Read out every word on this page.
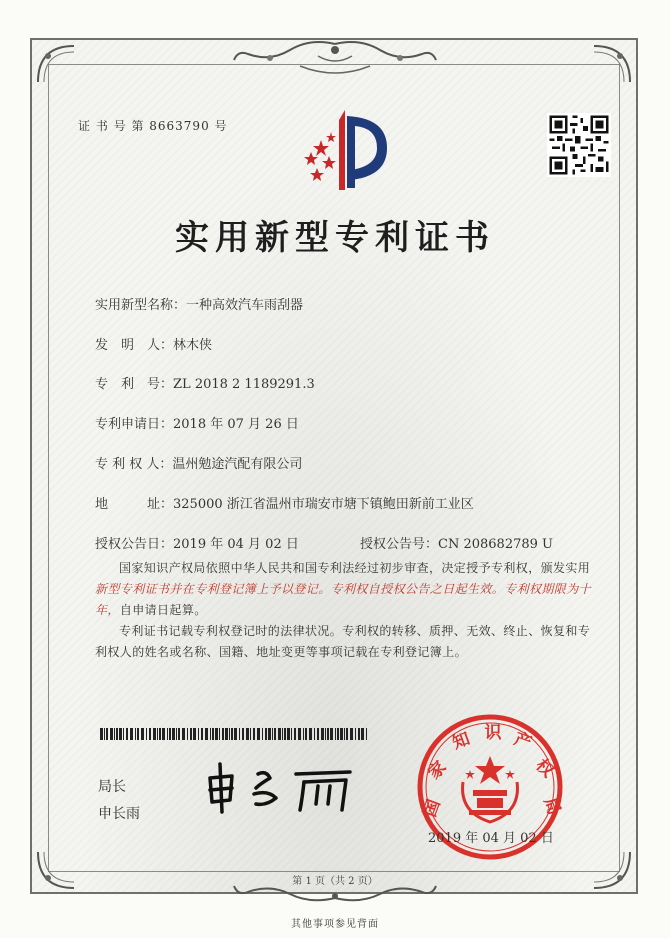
证 书 号 第 8663790 号
实用新型专利证书
实用新型名称：一种高效汽车雨刮器
发　明　人：林木侠
专　利　号：ZL 2018 2 1189291.3
专利申请日：2018 年 07 月 26 日
专 利 权 人：温州勉途汽配有限公司
地　　　址：325000 浙江省温州市瑞安市塘下镇鲍田新前工业区
授权公告日：2019 年 04 月 02 日	授权公告号：CN 208682789 U
国家知识产权局依照中华人民共和国专利法经过初步审查，决定授予专利权，颁发实用
新型专利证书并在专利登记簿上予以登记。专利权自授权公告之日起生效。专利权期限为十
年，自申请日起算。
专利证书记载专利权登记时的法律状况。专利权的转移、质押、无效、终止、恢复和专
利权人的姓名或名称、国籍、地址变更等事项记载在专利登记簿上。
局长
申长雨	国
家
知 识 产
权
局
2019 年 04 月 02 日
第 1 页（共 2 页）
其他事项参见背面
